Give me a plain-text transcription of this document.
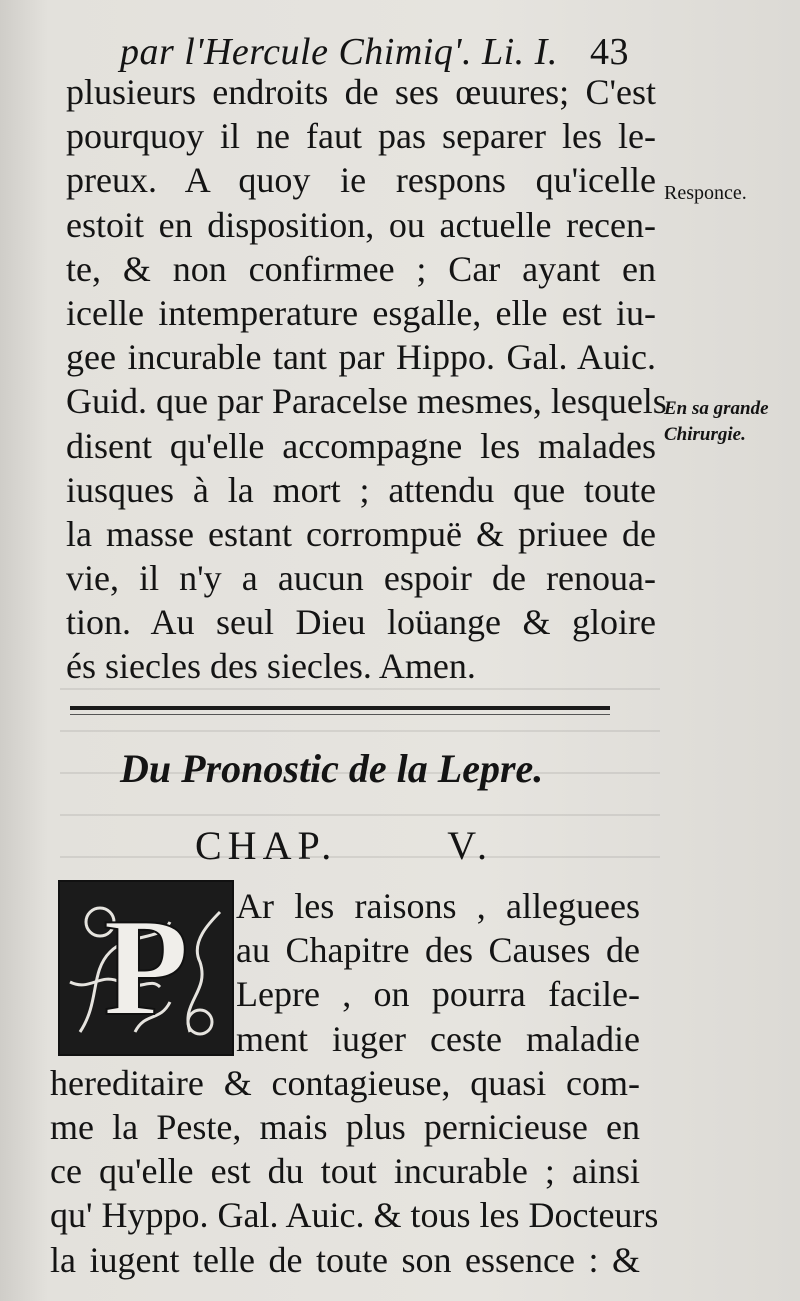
par l'Hercule Chimiq'. Li. I. 43
plusieurs endroits de ses œuures; C'est
pourquoy il ne faut pas separer les le-
preux. A quoy ie respons qu'icelle
estoit en disposition, ou actuelle recen-
te, & non confirmee ; Car ayant en
icelle intemperature esgalle, elle est iu-
gee incurable tant par Hippo. Gal. Auic.
Guid. que par Paracelse mesmes, lesquels
disent qu'elle accompagne les malades
iusques à la mort ; attendu que toute
la masse estant corrompuë & priuee de
vie, il n'y a aucun espoir de renoua-
tion. Au seul Dieu loüange & gloire
és siecles des siecles. Amen.
Responce.
En sa grande
Chirurgie.
Du Pronostic de la Lepre.
CHAP.	V.
P	Ar les raisons , alleguees
au Chapitre des Causes de
Lepre , on pourra facile-
ment iuger ceste maladie
hereditaire & contagieuse, quasi com-
me la Peste, mais plus pernicieuse en
ce qu'elle est du tout incurable ; ainsi
qu' Hyppo. Gal. Auic. & tous les Docteurs
la iugent telle de toute son essence : &
